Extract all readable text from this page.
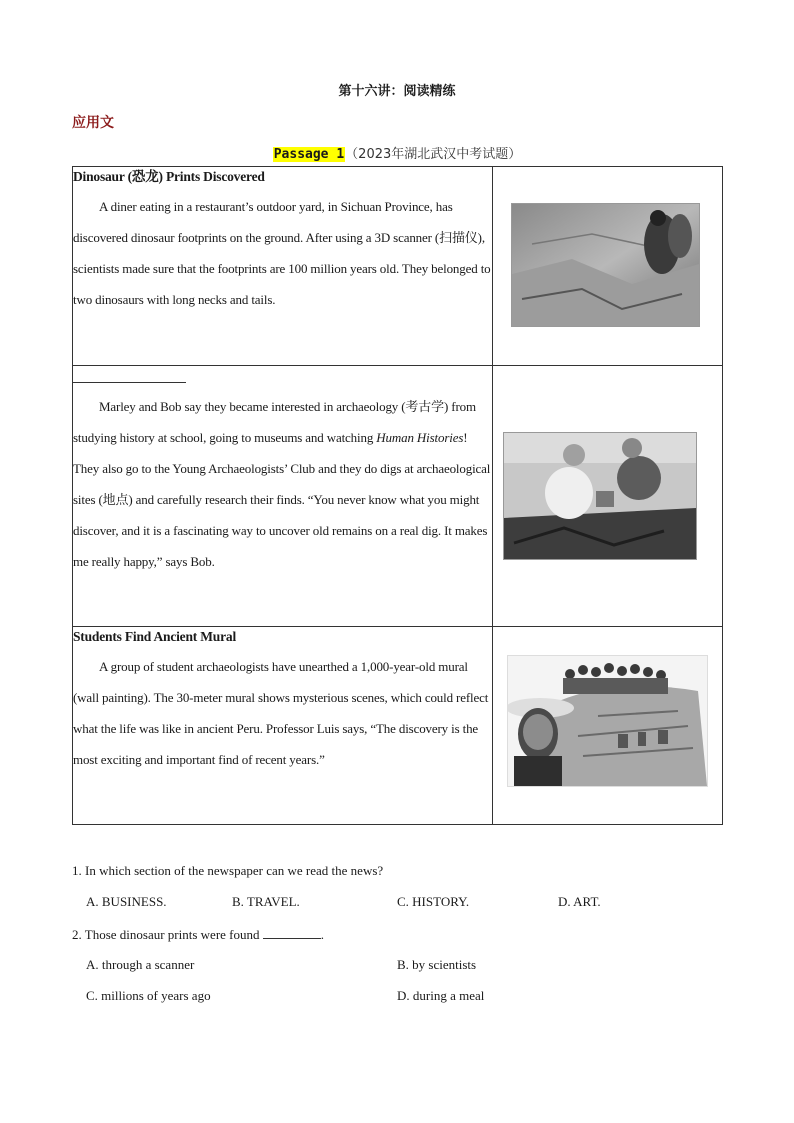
第十六讲：阅读精练
应用文
Passage 1（2023年湖北武汉中考试题）
Dinosaur (恐龙) Prints Discovered
A diner eating in a restaurant’s outdoor yard, in Sichuan Province, has discovered dinosaur footprints on the ground. After using a 3D scanner (扫描仪), scientists made sure that the footprints are 100 million years old. They belonged to two dinosaurs with long necks and tails.

Marley and Bob say they became interested in archaeology (考古学) from studying history at school, going to museums and watching Human Histories! They also go to the Young Archaeologists’ Club and they do digs at archaeological sites (地点) and carefully research their finds. “You never know what you might discover, and it is a fascinating way to uncover old remains on a real dig. It makes me really happy,” says Bob.

Students Find Ancient Mural
A group of student archaeologists have unearthed a 1,000-year-old mural (wall painting). The 30-meter mural shows mysterious scenes, which could reflect what the life was like in ancient Peru. Professor Luis says, “The discovery is the most exciting and important find of recent years.”

1. In which section of the newspaper can we read the news?
A. BUSINESS.	B. TRAVEL.	C. HISTORY.	D. ART.
2. Those dinosaur prints were found	.
A. through a scanner	B. by scientists
C. millions of years ago	D. during a meal
